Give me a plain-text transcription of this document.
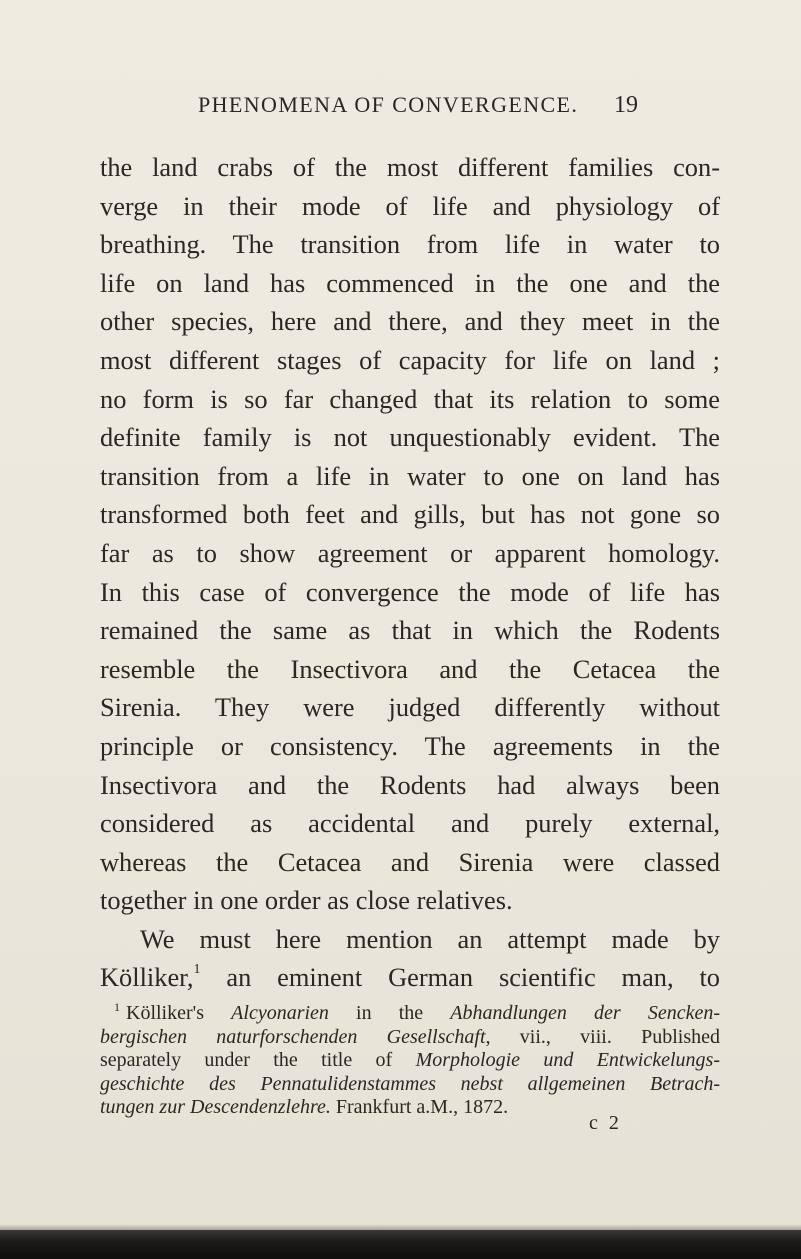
PHENOMENA OF CONVERGENCE. 19
the land crabs of the most different families con-
verge in their mode of life and physiology of
breathing. The transition from life in water to
life on land has commenced in the one and the
other species, here and there, and they meet in the
most different stages of capacity for life on land ;
no form is so far changed that its relation to some
definite family is not unquestionably evident. The
transition from a life in water to one on land has
transformed both feet and gills, but has not gone so
far as to show agreement or apparent homology.
In this case of convergence the mode of life has
remained the same as that in which the Rodents
resemble the Insectivora and the Cetacea the
Sirenia. They were judged differently without
principle or consistency. The agreements in the
Insectivora and the Rodents had always been
considered as accidental and purely external,
whereas the Cetacea and Sirenia were classed
together in one order as close relatives.
We must here mention an attempt made by
Kölliker,$^1$ an eminent German scientific man, to
$^1$ Kölliker's Alcyonarien in the Abhandlungen der Sencken-
bergischen naturforschenden Gesellschaft, vii., viii. Published
separately under the title of Morphologie und Entwickelungs-
geschichte des Pennatulidenstammes nebst allgemeinen Betrach-
tungen zur Descendenzlehre. Frankfurt a.M., 1872.
c 2
